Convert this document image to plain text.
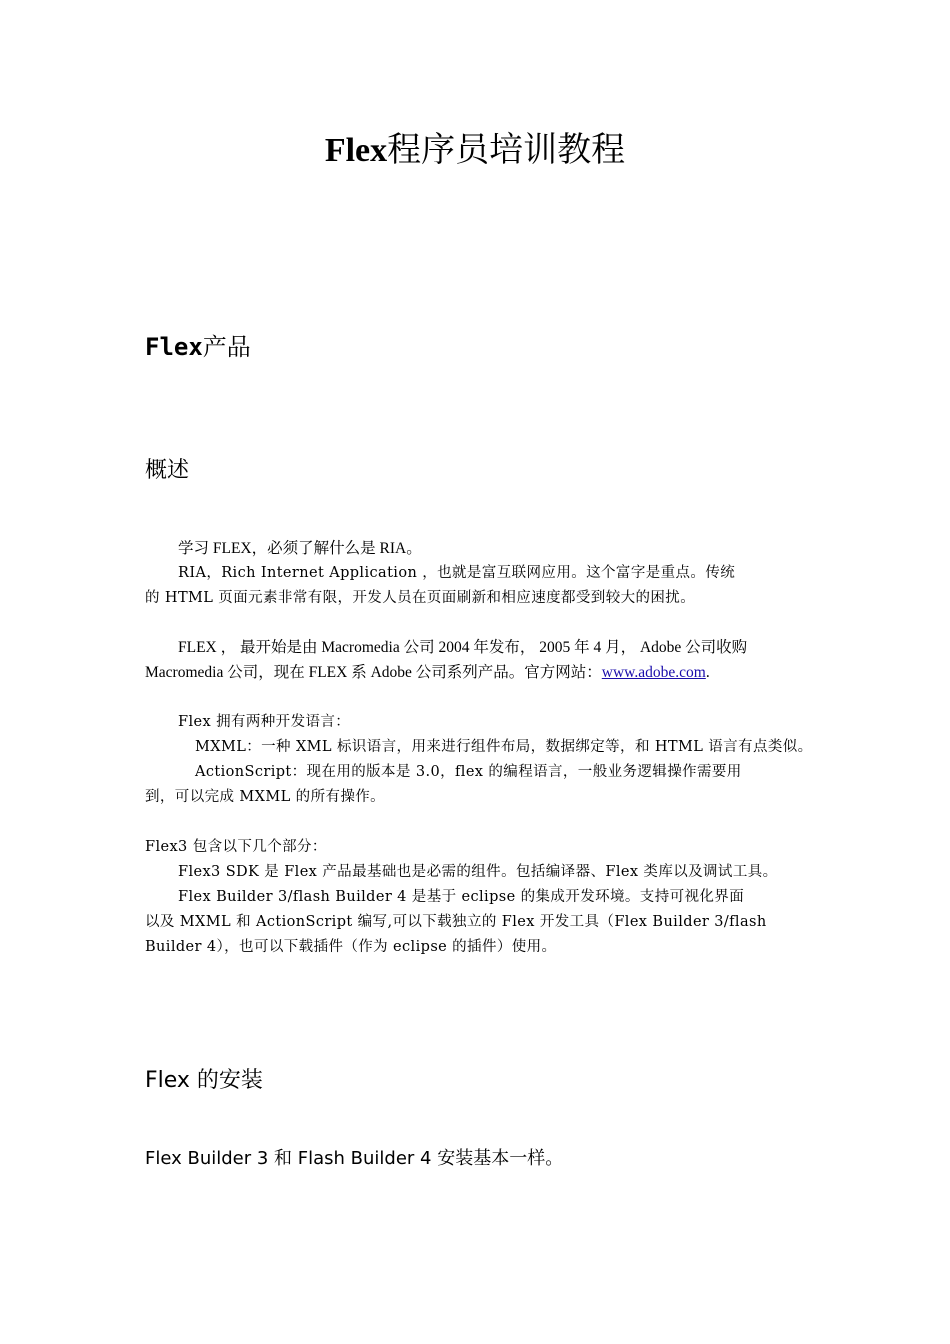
Flex程序员培训教程
Flex产品
概述
学习 FLEX，必须了解什么是 RIA。
RIA，Rich Internet Application ，也就是富互联网应用。这个富字是重点。传统
的 HTML 页面元素非常有限，开发人员在页面刷新和相应速度都受到较大的困扰。
FLEX ， 最开始是由 Macromedia 公司 2004 年发布， 2005 年 4 月， Adobe 公司收购
Macromedia 公司，现在 FLEX 系 Adobe 公司系列产品。官方网站：www.adobe.com.
Flex 拥有两种开发语言：
MXML：一种 XML 标识语言，用来进行组件布局，数据绑定等，和 HTML 语言有点类似。
ActionScript：现在用的版本是 3.0，flex 的编程语言，一般业务逻辑操作需要用
到，可以完成 MXML 的所有操作。
Flex3 包含以下几个部分：
Flex3 SDK 是 Flex 产品最基础也是必需的组件。包括编译器、Flex 类库以及调试工具。
Flex Builder 3/flash Builder 4 是基于 eclipse 的集成开发环境。支持可视化界面
以及 MXML 和 ActionScript 编写,可以下载独立的 Flex 开发工具（Flex Builder 3/flash
Builder 4），也可以下载插件（作为 eclipse 的插件）使用。
Flex 的安装
Flex Builder 3 和 Flash Builder 4 安装基本一样。
